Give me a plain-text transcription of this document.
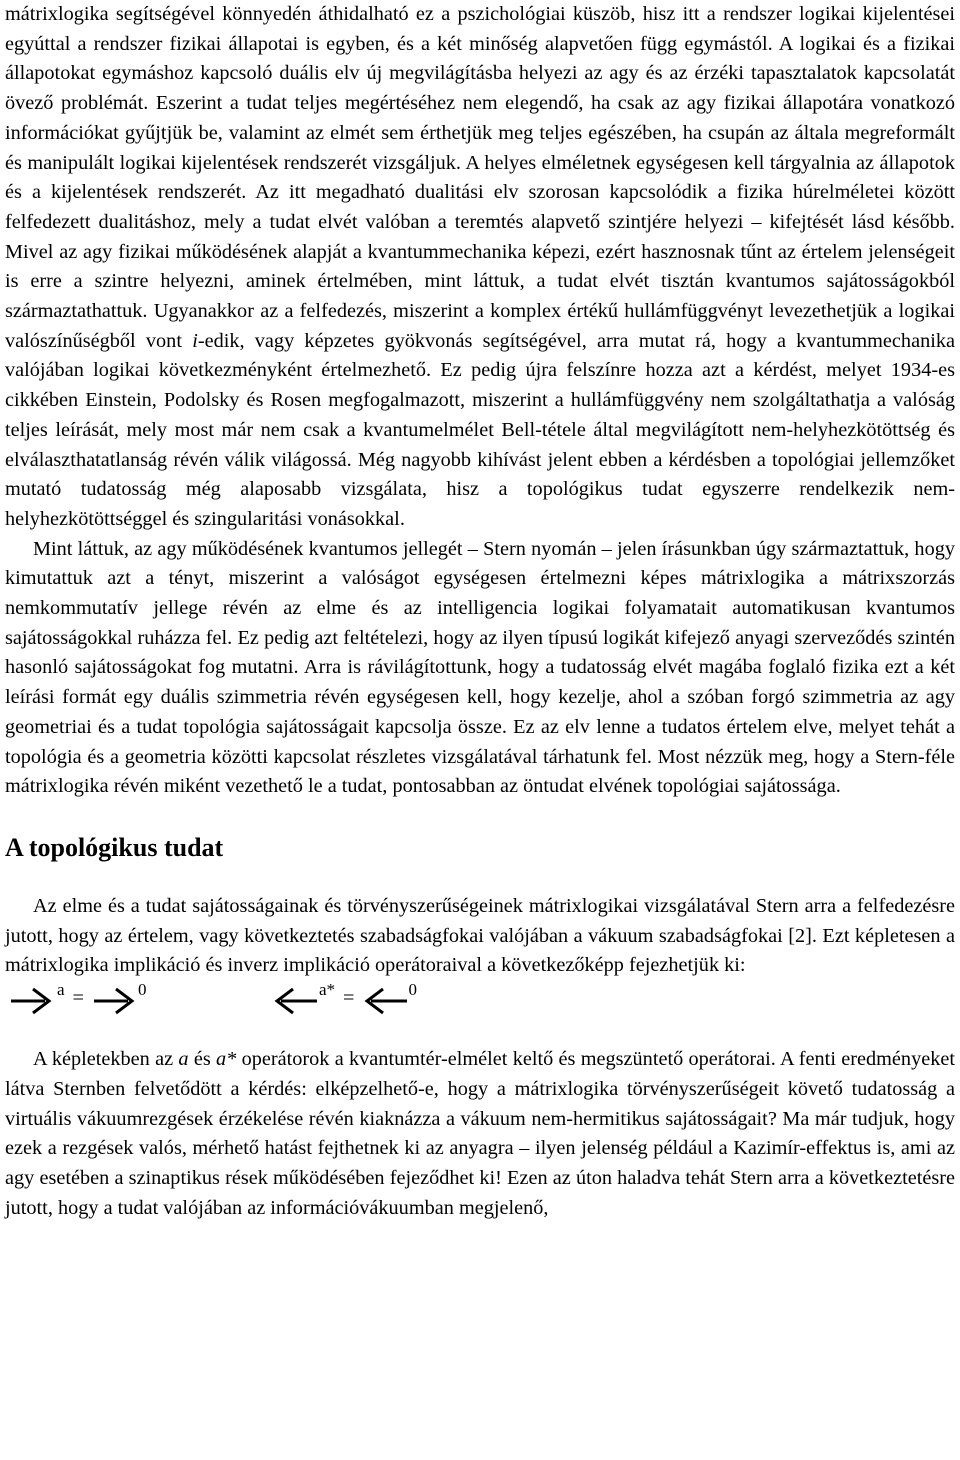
mátrixlogika segítségével könnyedén áthidalható ez a pszichológiai küszöb, hisz itt a rendszer logikai kijelentései egyúttal a rendszer fizikai állapotai is egyben, és a két minőség alapvetően függ egymástól. A logikai és a fizikai állapotokat egymáshoz kapcsoló duális elv új megvilágításba helyezi az agy és az érzéki tapasztalatok kapcsolatát övező problémát. Eszerint a tudat teljes megértéséhez nem elegendő, ha csak az agy fizikai állapotára vonatkozó információkat gyűjtjük be, valamint az elmét sem érthetjük meg teljes egészében, ha csupán az általa megreformált és manipulált logikai kijelentések rendszerét vizsgáljuk. A helyes elméletnek egységesen kell tárgyalnia az állapotok és a kijelentések rendszerét. Az itt megadható dualitási elv szorosan kapcsolódik a fizika húrelméletei között felfedezett dualitáshoz, mely a tudat elvét valóban a teremtés alapvető szintjére helyezi – kifejtését lásd később. Mivel az agy fizikai működésének alapját a kvantummechanika képezi, ezért hasznosnak tűnt az értelem jelenségeit is erre a szintre helyezni, aminek értelmében, mint láttuk, a tudat elvét tisztán kvantumos sajátosságokból származtathattuk. Ugyanakkor az a felfedezés, miszerint a komplex értékű hullámfüggvényt levezethetjük a logikai valószínűségből vont i-edik, vagy képzetes gyökvonás segítségével, arra mutat rá, hogy a kvantummechanika valójában logikai következményként értelmezhető. Ez pedig újra felszínre hozza azt a kérdést, melyet 1934-es cikkében Einstein, Podolsky és Rosen megfogalmazott, miszerint a hullámfüggvény nem szolgáltathatja a valóság teljes leírását, mely most már nem csak a kvantumelmélet Bell-tétele által megvilágított nem-helyhezkötöttség és elválaszthatatlanság révén válik világossá. Még nagyobb kihívást jelent ebben a kérdésben a topológiai jellemzőket mutató tudatosság még alaposabb vizsgálata, hisz a topológikus tudat egyszerre rendelkezik nem-helyhezkötöttséggel és szingularitási vonásokkal.

Mint láttuk, az agy működésének kvantumos jellegét – Stern nyomán – jelen írásunkban úgy származtattuk, hogy kimutattuk azt a tényt, miszerint a valóságot egységesen értelmezni képes mátrixlogika a mátrixszorzás nemkommutatív jellege révén az elme és az intelligencia logikai folyamatait automatikusan kvantumos sajátosságokkal ruházza fel. Ez pedig azt feltételezi, hogy az ilyen típusú logikát kifejező anyagi szerveződés szintén hasonló sajátosságokat fog mutatni. Arra is rávilágítottunk, hogy a tudatosság elvét magába foglaló fizika ezt a két leírási formát egy duális szimmetria révén egységesen kell, hogy kezelje, ahol a szóban forgó szimmetria az agy geometriai és a tudat topológia sajátosságait kapcsolja össze. Ez az elv lenne a tudatos értelem elve, melyet tehát a topológia és a geometria közötti kapcsolat részletes vizsgálatával tárhatunk fel. Most nézzük meg, hogy a Stern-féle mátrixlogika révén miként vezethető le a tudat, pontosabban az öntudat elvének topológiai sajátossága.

A topológikus tudat

Az elme és a tudat sajátosságainak és törvényszerűségeinek mátrixlogikai vizsgálatával Stern arra a felfedezésre jutott, hogy az értelem, vagy következtetés szabadságfokai valójában a vákuum szabadságfokai [2]. Ezt képletesen a mátrixlogika implikáció és inverz implikáció operátoraival a következőképp fejezhetjük ki:

a =	0	a* =	0

A képletekben az a és a* operátorok a kvantumtér-elmélet keltő és megszüntető operátorai. A fenti eredményeket látva Sternben felvetődött a kérdés: elképzelhető-e, hogy a mátrixlogika törvényszerűségeit követő tudatosság a virtuális vákuumrezgések érzékelése révén kiaknázza a vákuum nem-hermitikus sajátosságait? Ma már tudjuk, hogy ezek a rezgések valós, mérhető hatást fejthetnek ki az anyagra – ilyen jelenség például a Kazimír-effektus is, ami az agy esetében a szinaptikus rések működésében fejeződhet ki! Ezen az úton haladva tehát Stern arra a következtetésre jutott, hogy a tudat valójában az információvákuumban megjelenő,
